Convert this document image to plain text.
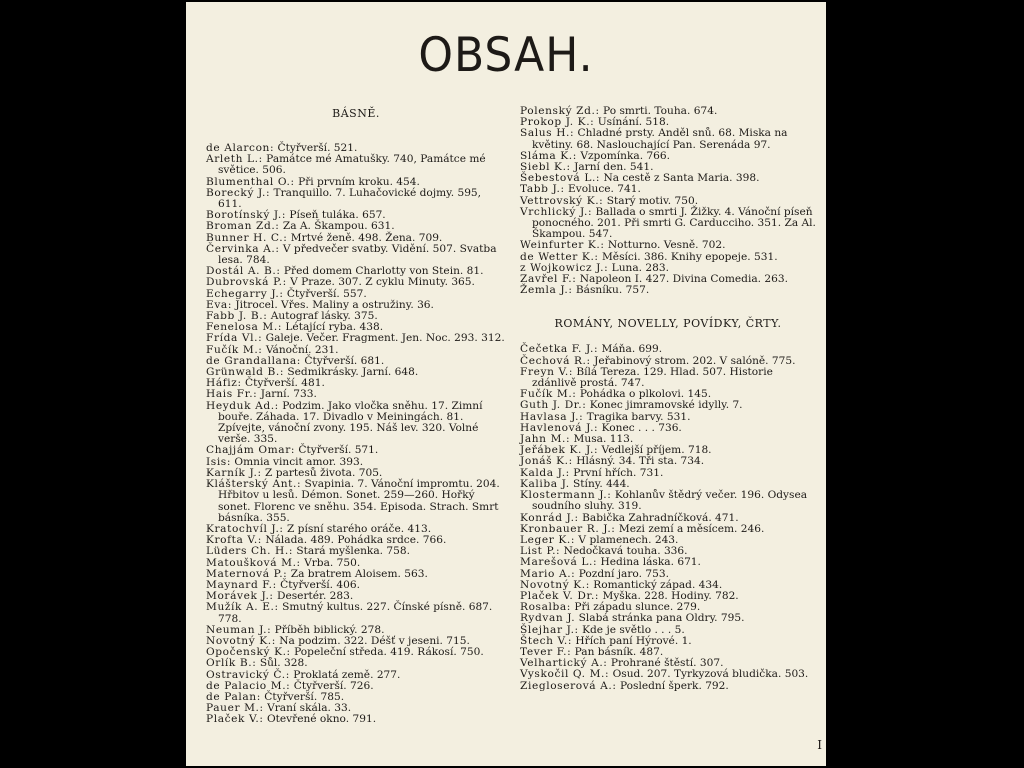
OBSAH.
BÁSNĚ.
de Alarcon: Čtyřverší. 521.
Arleth L.: Památce mé Amatušky. 740, Památce mé světice. 506.
Blumenthal O.: Při prvním kroku. 454.
Borecký J.: Tranquillo. 7. Luhačovické dojmy. 595, 611.
Borotínský J.: Píseň tuláka. 657.
Broman Zd.: Za A. Škampou. 631.
Bunner H. C.: Mrtvé ženě. 498. Žena. 709.
Červinka A.: V předvečer svatby. Vidění. 507. Svatba lesa. 784.
Dostál A. B.: Před domem Charlotty von Stein. 81.
Dubrovská P.: V Praze. 307. Z cyklu Minuty. 365.
Echegarry J.: Čtyřverší. 557.
Eva: Jitrocel. Vřes. Maliny a ostružiny. 36.
Fabb J. B.: Autograf lásky. 375.
Fenelosa M.: Létající ryba. 438.
Frída Vl.: Galeje. Večer. Fragment. Jen. Noc. 293. 312.
Fučík M.: Vánoční. 231.
de Grandallana: Čtyřverší. 681.
Grünwald B.: Sedmikrásky. Jarní. 648.
Háfiz: Čtyřverší. 481.
Hais Fr.: Jarní. 733.
Heyduk Ad.: Podzim. Jako vločka sněhu. 17. Zimní bouře. Záhada. 17. Divadlo v Meiningách. 81. Zpívejte, vánoční zvony. 195. Náš lev. 320. Volné verše. 335.
Chajjám Omar: Čtyřverší. 571.
Isis: Omnia vincit amor. 393.
Karník J.: Z partesů života. 705.
Klášterský Ant.: Svapinia. 7. Vánoční impromtu. 204. Hřbitov u lesů. Démon. Sonet. 259—260. Hořký sonet. Florenc ve sněhu. 354. Episoda. Strach. Smrt básníka. 355.
Kratochvíl J.: Z písní starého oráče. 413.
Krofta V.: Nálada. 489. Pohádka srdce. 766.
Lüders Ch. H.: Stará myšlenka. 758.
Matoušková M.: Vrba. 750.
Maternová P.: Za bratrem Aloisem. 563.
Maynard F.: Čtyřverší. 406.
Morávek J.: Desertér. 283.
Mužík A. E.: Smutný kultus. 227. Čínské písně. 687. 778.
Neuman J.: Příběh biblický. 278.
Novotný K.: Na podzim. 322. Déšť v jeseni. 715.
Opočenský K.: Popeleční středa. 419. Rákosí. 750.
Orlík B.: Sůl. 328.
Ostravický Č.: Proklatá země. 277.
de Palacio M.: Čtyřverší. 726.
de Palan: Čtyřverší. 785.
Pauer M.: Vraní skála. 33.
Plaček V.: Otevřené okno. 791.
Polenský Zd.: Po smrti. Touha. 674.
Prokop J. K.: Usínání. 518.
Salus H.: Chladné prsty. Anděl snů. 68. Miska na květiny. 68. Naslouchající Pan. Serenáda 97.
Sláma K.: Vzpomínka. 766.
Siebl K.: Jarní den. 541.
Šebestová L.: Na cestě z Santa Maria. 398.
Tabb J.: Evoluce. 741.
Vettrovský K.: Starý motiv. 750.
Vrchlický J.: Ballada o smrti J. Žižky. 4. Vánoční píseň ponocného. 201. Při smrti G. Carducciho. 351. Za Al. Škampou. 547.
Weinfurter K.: Notturno. Vesně. 702.
de Wetter K.: Měsíci. 386. Knihy epopeje. 531.
z Wojkowicz J.: Luna. 283.
Zavřel F.: Napoleon I. 427. Divina Comedia. 263.
Žemla J.: Básníku. 757.
ROMÁNY, NOVELLY, POVÍDKY, ČRTY.
Čečetka F. J.: Máňa. 699.
Čechová R.: Jeřabinový strom. 202. V salóně. 775.
Freyn V.: Bílá Tereza. 129. Hlad. 507. Historie zdánlivě prostá. 747.
Fučík M.: Pohádka o plkolovi. 145.
Guth J. Dr.: Konec jimramovské idylly. 7.
Havlasa J.: Tragika barvy. 531.
Havlenová J.: Konec . . . 736.
Jahn M.: Musa. 113.
Jeřábek K. J.: Vedlejší příjem. 718.
Jonáš K.: Hlásný. 34. Tři sta. 734.
Kalda J.: První hřích. 731.
Kaliba J. Stíny. 444.
Klostermann J.: Kohlanův štědrý večer. 196. Odysea soudního sluhy. 319.
Konrád J.: Babička Zahradníčková. 471.
Kronbauer R. J.: Mezi zemí a měsícem. 246.
Leger K.: V plamenech. 243.
List P.: Nedočkavá touha. 336.
Marešová L.: Hedina láska. 671.
Mario A.: Pozdní jaro. 753.
Novotný K.: Romantický západ. 434.
Plaček V. Dr.: Myška. 228. Hodiny. 782.
Rosalba: Při západu slunce. 279.
Rydvan J. Slabá stránka pana Oldry. 795.
Šlejhar J.: Kde je světlo . . . 5.
Štech V.: Hřích paní Hýrové. 1.
Tever F.: Pan básník. 487.
Velhartický A.: Prohrané štěstí. 307.
Vyskočil Q. M.: Osud. 207. Tyrkyzová bludička. 503.
Ziegloserová A.: Poslední šperk. 792.
I
